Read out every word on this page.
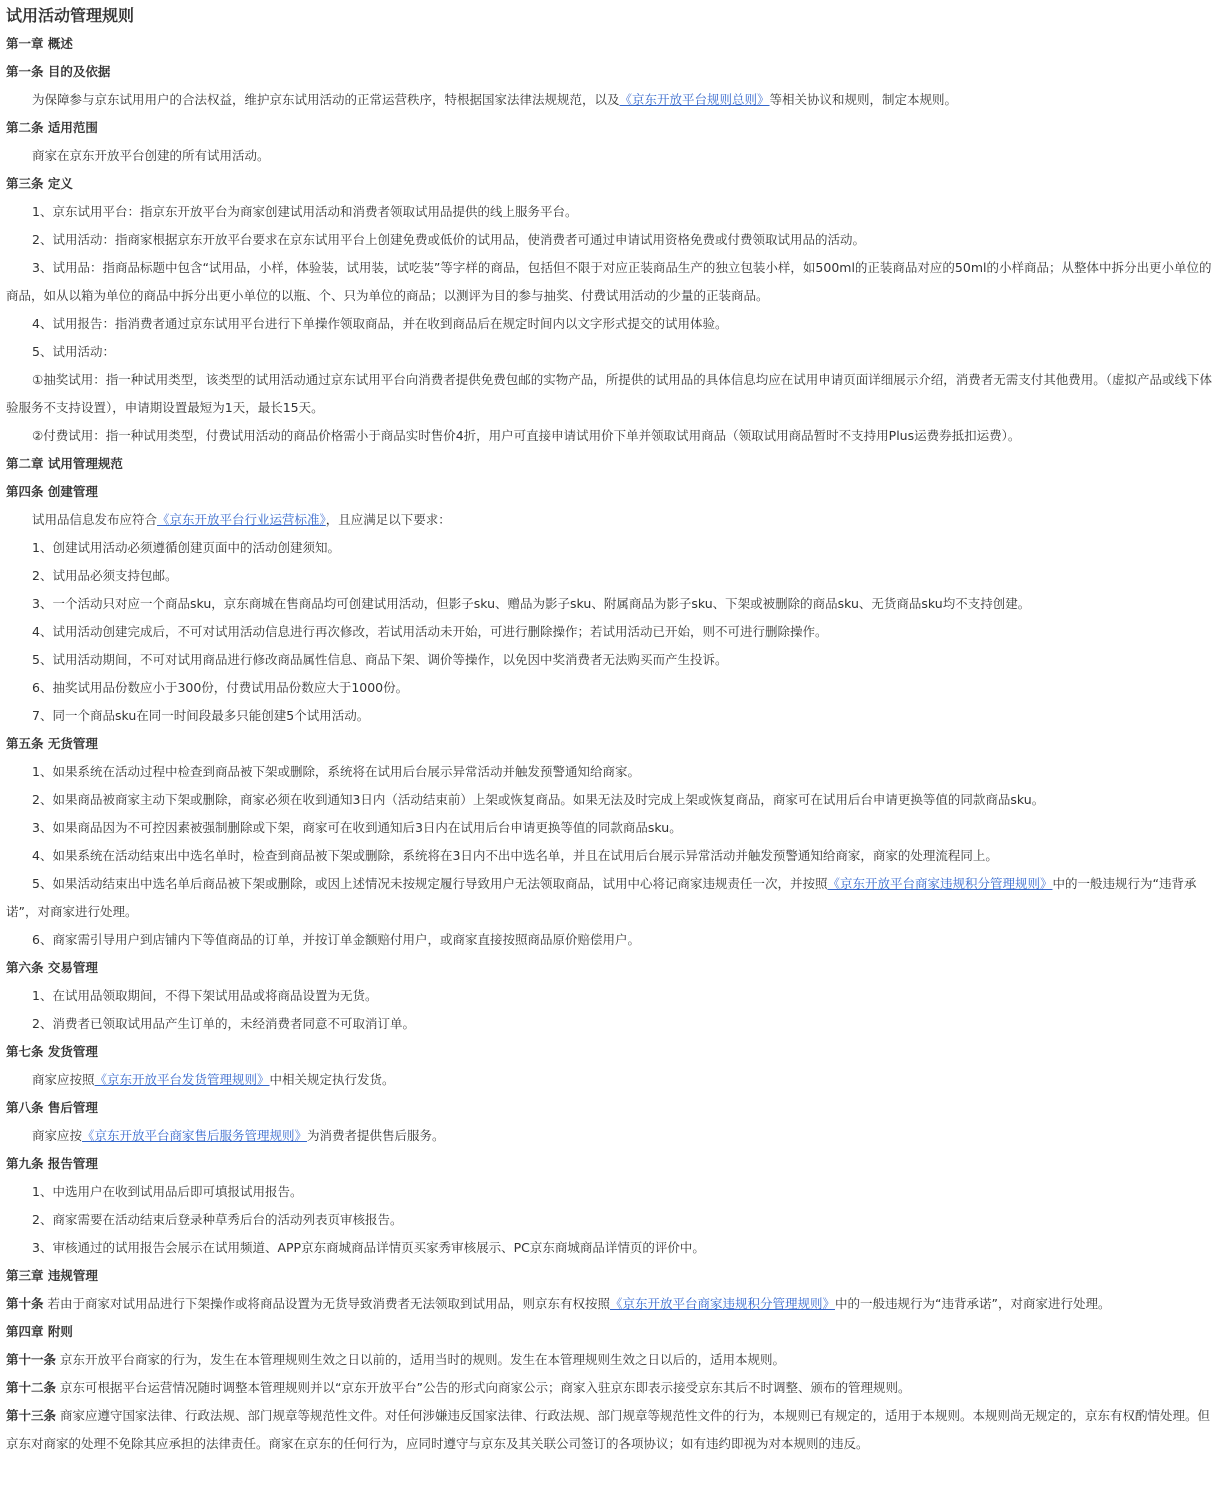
试用活动管理规则
第一章 概述
第一条 目的及依据
为保障参与京东试用用户的合法权益，维护京东试用活动的正常运营秩序，特根据国家法律法规规范，以及《京东开放平台规则总则》等相关协议和规则，制定本规则。
第二条 适用范围
商家在京东开放平台创建的所有试用活动。
第三条 定义
1、京东试用平台：指京东开放平台为商家创建试用活动和消费者领取试用品提供的线上服务平台。
2、试用活动：指商家根据京东开放平台要求在京东试用平台上创建免费或低价的试用品，使消费者可通过申请试用资格免费或付费领取试用品的活动。
3、试用品：指商品标题中包含“试用品，小样，体验装，试用装，试吃装”等字样的商品，包括但不限于对应正装商品生产的独立包装小样，如500ml的正装商品对应的50ml的小样商品；从整体中拆分出更小单位的商品，如从以箱为单位的商品中拆分出更小单位的以瓶、个、只为单位的商品；以测评为目的参与抽奖、付费试用活动的少量的正装商品。
4、试用报告：指消费者通过京东试用平台进行下单操作领取商品，并在收到商品后在规定时间内以文字形式提交的试用体验。
5、试用活动：
①抽奖试用：指一种试用类型，该类型的试用活动通过京东试用平台向消费者提供免费包邮的实物产品，所提供的试用品的具体信息均应在试用申请页面详细展示介绍，消费者无需支付其他费用。（虚拟产品或线下体验服务不支持设置），申请期设置最短为1天，最长15天。
②付费试用：指一种试用类型，付费试用活动的商品价格需小于商品实时售价4折，用户可直接申请试用价下单并领取试用商品（领取试用商品暂时不支持用Plus运费券抵扣运费）。
第二章 试用管理规范
第四条 创建管理
试用品信息发布应符合《京东开放平台行业运营标准》，且应满足以下要求：
1、创建试用活动必须遵循创建页面中的活动创建须知。
2、试用品必须支持包邮。
3、一个活动只对应一个商品sku，京东商城在售商品均可创建试用活动，但影子sku、赠品为影子sku、附属商品为影子sku、下架或被删除的商品sku、无货商品sku均不支持创建。
4、试用活动创建完成后，不可对试用活动信息进行再次修改，若试用活动未开始，可进行删除操作；若试用活动已开始，则不可进行删除操作。
5、试用活动期间，不可对试用商品进行修改商品属性信息、商品下架、调价等操作，以免因中奖消费者无法购买而产生投诉。
6、抽奖试用品份数应小于300份，付费试用品份数应大于1000份。
7、同一个商品sku在同一时间段最多只能创建5个试用活动。
第五条 无货管理
1、如果系统在活动过程中检查到商品被下架或删除，系统将在试用后台展示异常活动并触发预警通知给商家。
2、如果商品被商家主动下架或删除，商家必须在收到通知3日内（活动结束前）上架或恢复商品。如果无法及时完成上架或恢复商品，商家可在试用后台申请更换等值的同款商品sku。
3、如果商品因为不可控因素被强制删除或下架，商家可在收到通知后3日内在试用后台申请更换等值的同款商品sku。
4、如果系统在活动结束出中选名单时，检查到商品被下架或删除，系统将在3日内不出中选名单，并且在试用后台展示异常活动并触发预警通知给商家，商家的处理流程同上。
5、如果活动结束出中选名单后商品被下架或删除，或因上述情况未按规定履行导致用户无法领取商品，试用中心将记商家违规责任一次，并按照《京东开放平台商家违规积分管理规则》中的一般违规行为“违背承诺”，对商家进行处理。
6、商家需引导用户到店铺内下等值商品的订单，并按订单金额赔付用户，或商家直接按照商品原价赔偿用户。
第六条 交易管理
1、在试用品领取期间，不得下架试用品或将商品设置为无货。
2、消费者已领取试用品产生订单的，未经消费者同意不可取消订单。
第七条 发货管理
商家应按照《京东开放平台发货管理规则》中相关规定执行发货。
第八条 售后管理
商家应按《京东开放平台商家售后服务管理规则》为消费者提供售后服务。
第九条 报告管理
1、中选用户在收到试用品后即可填报试用报告。
2、商家需要在活动结束后登录种草秀后台的活动列表页审核报告。
3、审核通过的试用报告会展示在试用频道、APP京东商城商品详情页买家秀审核展示、PC京东商城商品详情页的评价中。
第三章 违规管理
第十条 若由于商家对试用品进行下架操作或将商品设置为无货导致消费者无法领取到试用品，则京东有权按照《京东开放平台商家违规积分管理规则》中的一般违规行为“违背承诺”，对商家进行处理。
第四章 附则
第十一条 京东开放平台商家的行为，发生在本管理规则生效之日以前的，适用当时的规则。发生在本管理规则生效之日以后的，适用本规则。
第十二条 京东可根据平台运营情况随时调整本管理规则并以“京东开放平台”公告的形式向商家公示；商家入驻京东即表示接受京东其后不时调整、颁布的管理规则。
第十三条 商家应遵守国家法律、行政法规、部门规章等规范性文件。对任何涉嫌违反国家法律、行政法规、部门规章等规范性文件的行为，本规则已有规定的，适用于本规则。本规则尚无规定的，京东有权酌情处理。但京东对商家的处理不免除其应承担的法律责任。商家在京东的任何行为，应同时遵守与京东及其关联公司签订的各项协议；如有违约即视为对本规则的违反。
